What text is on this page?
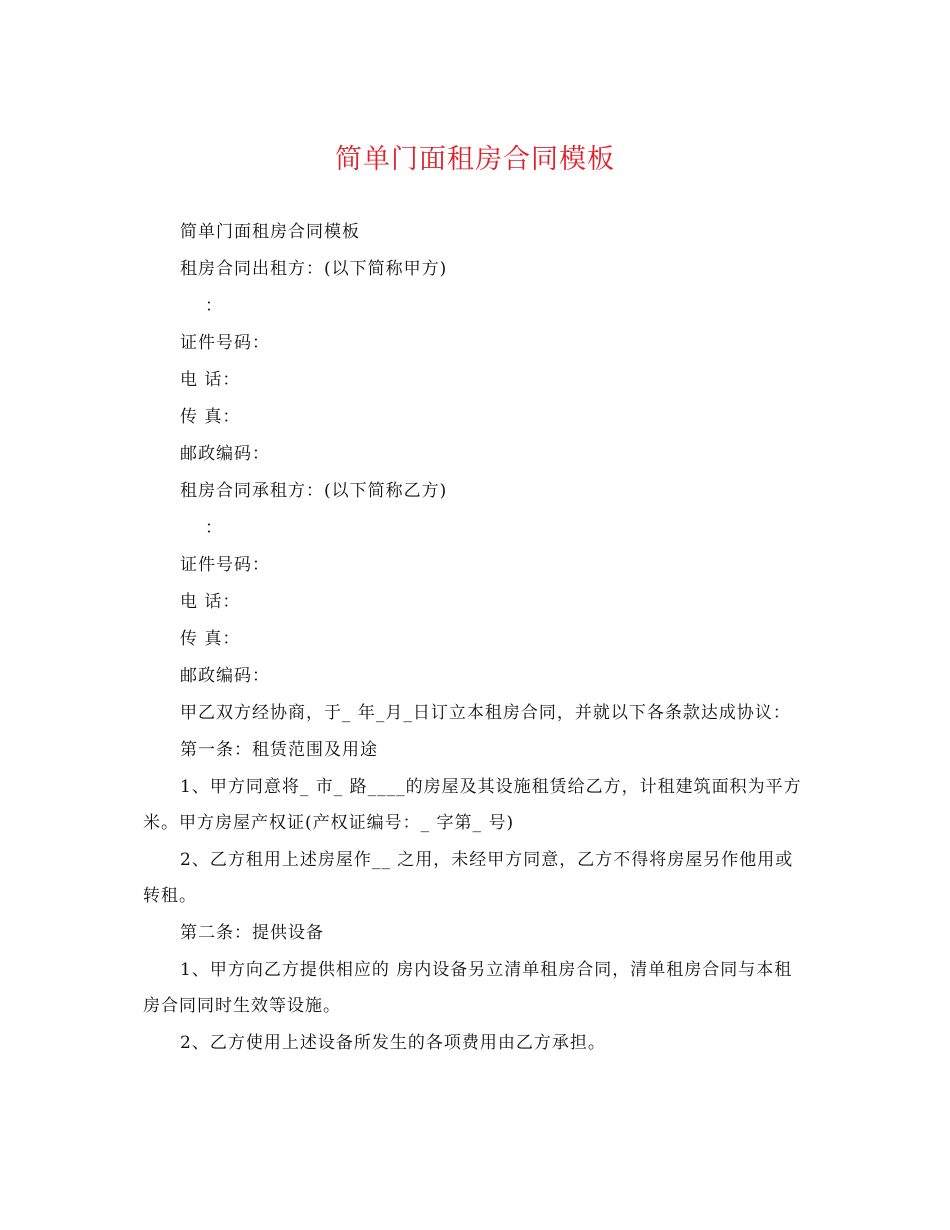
简单门面租房合同模板

简单门面租房合同模板

租房合同出租方：(以下简称甲方)

：

证件号码：

电 话：

传 真：

邮政编码：

租房合同承租方：(以下简称乙方)

：

证件号码：

电 话：

传 真：

邮政编码：

甲乙双方经协商，于_ 年_月_日订立本租房合同，并就以下各条款达成协议：

第一条：租赁范围及用途

1、甲方同意将_ 市_ 路____的房屋及其设施租赁给乙方，计租建筑面积为平方米。甲方房屋产权证(产权证编号：_ 字第_ 号)

2、乙方租用上述房屋作__ 之用，未经甲方同意，乙方不得将房屋另作他用或转租。

第二条：提供设备

1、甲方向乙方提供相应的 房内设备另立清单租房合同，清单租房合同与本租房合同同时生效等设施。

2、乙方使用上述设备所发生的各项费用由乙方承担。
